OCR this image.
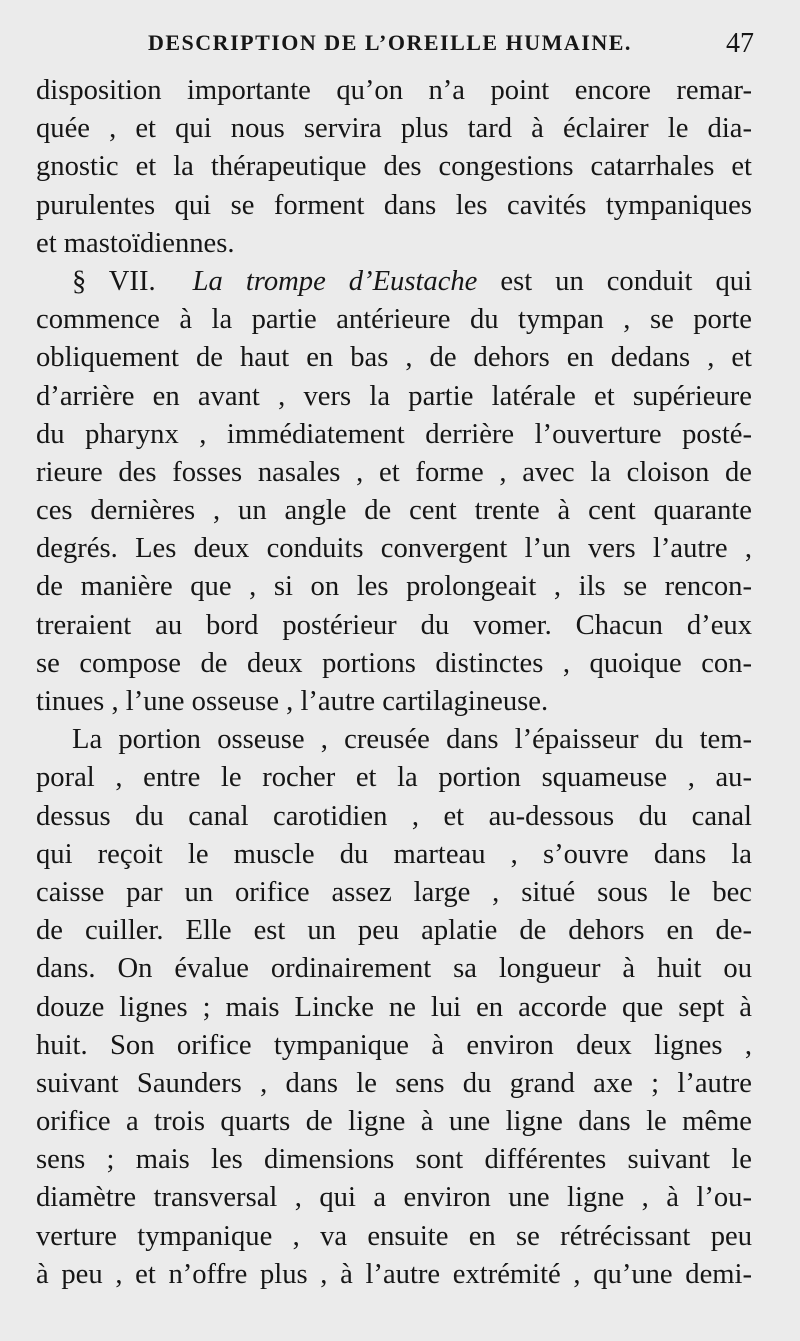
DESCRIPTION DE L’OREILLE HUMAINE.	47
disposition importante qu’on n’a point encore remar-
quée , et qui nous servira plus tard à éclairer le dia-
gnostic et la thérapeutique des congestions catarrhales et
purulentes qui se forment dans les cavités tympaniques
et mastoïdiennes.
§ VII. La trompe d’Eustache est un conduit qui
commence à la partie antérieure du tympan , se porte
obliquement de haut en bas , de dehors en dedans , et
d’arrière en avant , vers la partie latérale et supérieure
du pharynx , immédiatement derrière l’ouverture posté-
rieure des fosses nasales , et forme , avec la cloison de
ces dernières , un angle de cent trente à cent quarante
degrés. Les deux conduits convergent l’un vers l’autre ,
de manière que , si on les prolongeait , ils se rencon-
treraient au bord postérieur du vomer. Chacun d’eux
se compose de deux portions distinctes , quoique con-
tinues , l’une osseuse , l’autre cartilagineuse.
La portion osseuse , creusée dans l’épaisseur du tem-
poral , entre le rocher et la portion squameuse , au-
dessus du canal carotidien , et au-dessous du canal
qui reçoit le muscle du marteau , s’ouvre dans la
caisse par un orifice assez large , situé sous le bec
de cuiller. Elle est un peu aplatie de dehors en de-
dans. On évalue ordinairement sa longueur à huit ou
douze lignes ; mais Lincke ne lui en accorde que sept à
huit. Son orifice tympanique à environ deux lignes ,
suivant Saunders , dans le sens du grand axe ; l’autre
orifice a trois quarts de ligne à une ligne dans le même
sens ; mais les dimensions sont différentes suivant le
diamètre transversal , qui a environ une ligne , à l’ou-
verture tympanique , va ensuite en se rétrécissant peu
à peu , et n’offre plus , à l’autre extrémité , qu’une demi-
